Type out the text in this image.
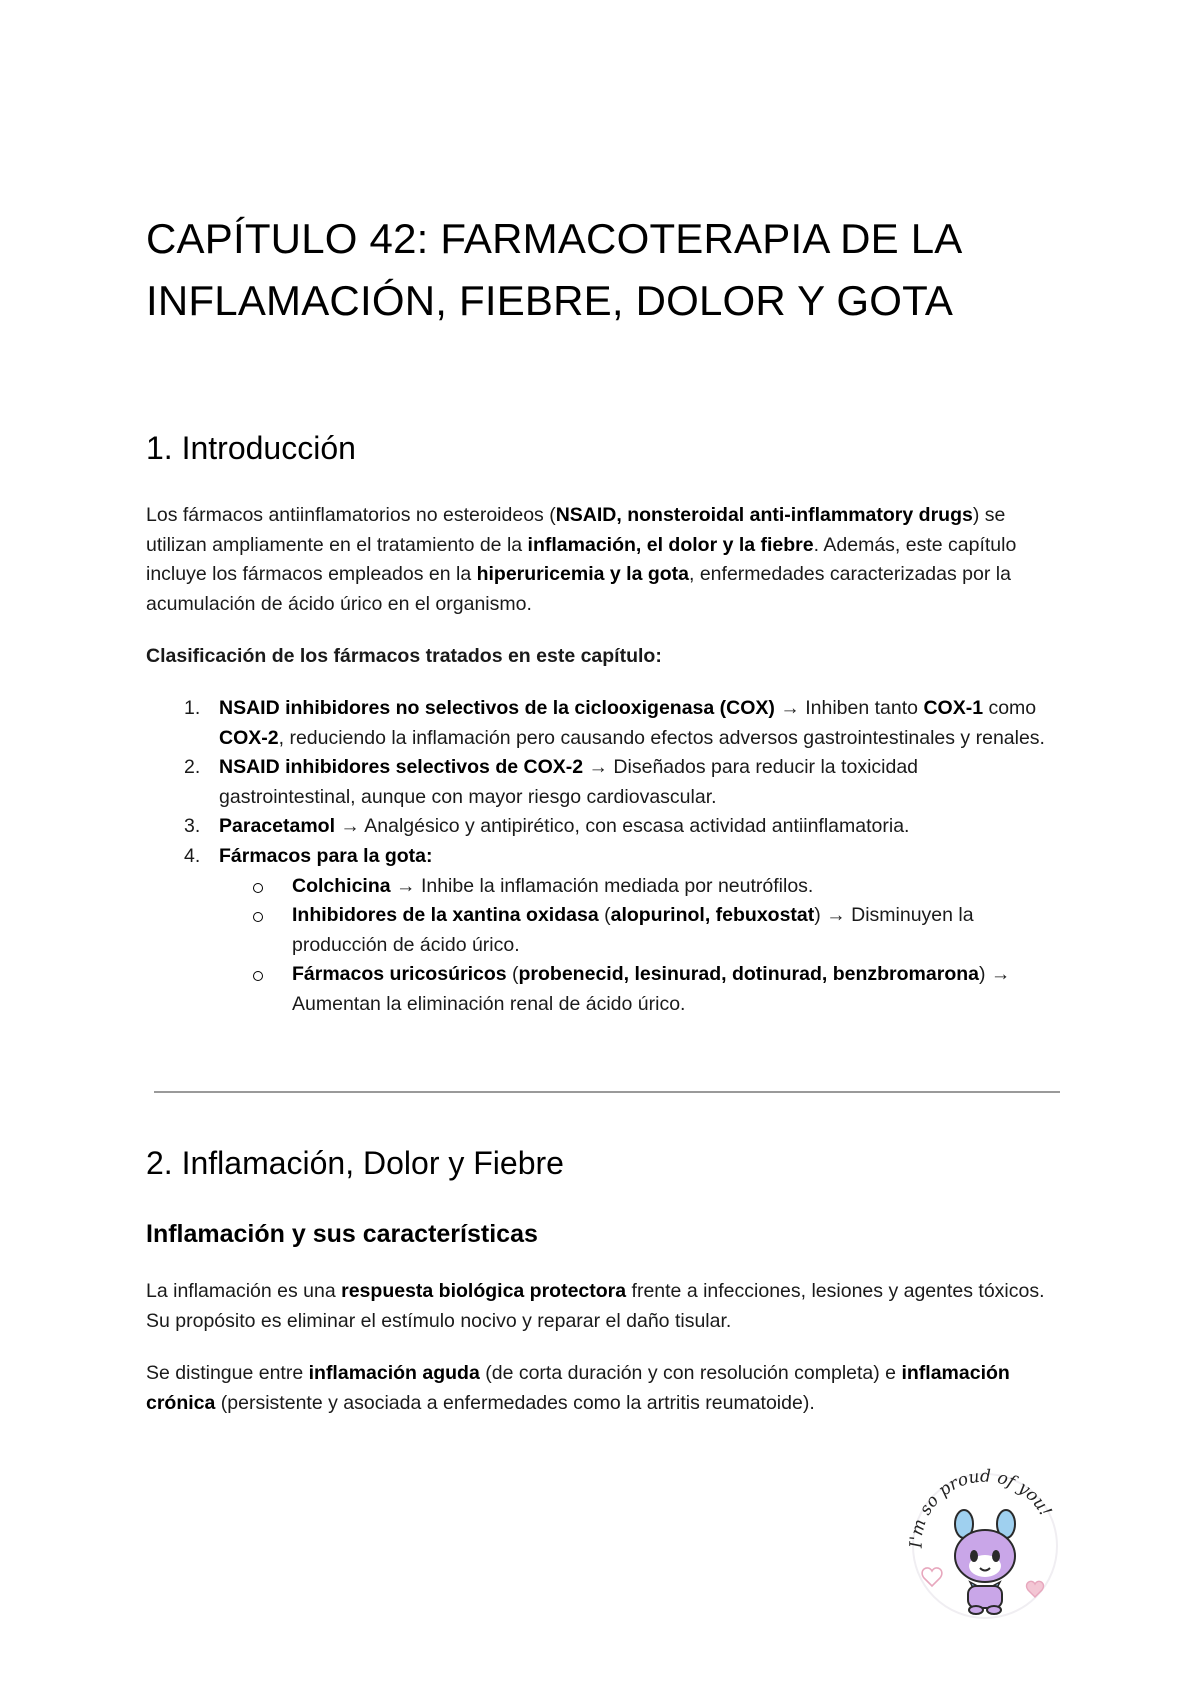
CAPÍTULO 42: FARMACOTERAPIA DE LA INFLAMACIÓN, FIEBRE, DOLOR Y GOTA
1. Introducción

Los fármacos antiinflamatorios no esteroideos (NSAID, nonsteroidal anti-inflammatory drugs) se utilizan ampliamente en el tratamiento de la inflamación, el dolor y la fiebre. Además, este capítulo incluye los fármacos empleados en la hiperuricemia y la gota, enfermedades caracterizadas por la acumulación de ácido úrico en el organismo.

Clasificación de los fármacos tratados en este capítulo:

1. NSAID inhibidores no selectivos de la ciclooxigenasa (COX) → Inhiben tanto COX-1 como COX-2, reduciendo la inflamación pero causando efectos adversos gastrointestinales y renales.
2. NSAID inhibidores selectivos de COX-2 → Diseñados para reducir la toxicidad gastrointestinal, aunque con mayor riesgo cardiovascular.
3. Paracetamol → Analgésico y antipirético, con escasa actividad antiinflamatoria.
4. Fármacos para la gota:
Colchicina → Inhibe la inflamación mediada por neutrófilos.
Inhibidores de la xantina oxidasa (alopurinol, febuxostat) → Disminuyen la producción de ácido úrico.
Fármacos uricosúricos (probenecid, lesinurad, dotinurad, benzbromarona) → Aumentan la eliminación renal de ácido úrico.
2. Inflamación, Dolor y Fiebre
Inflamación y sus características

La inflamación es una respuesta biológica protectora frente a infecciones, lesiones y agentes tóxicos. Su propósito es eliminar el estímulo nocivo y reparar el daño tisular.

Se distingue entre inflamación aguda (de corta duración y con resolución completa) e inflamación crónica (persistente y asociada a enfermedades como la artritis reumatoide).

I'm so proud of you!
